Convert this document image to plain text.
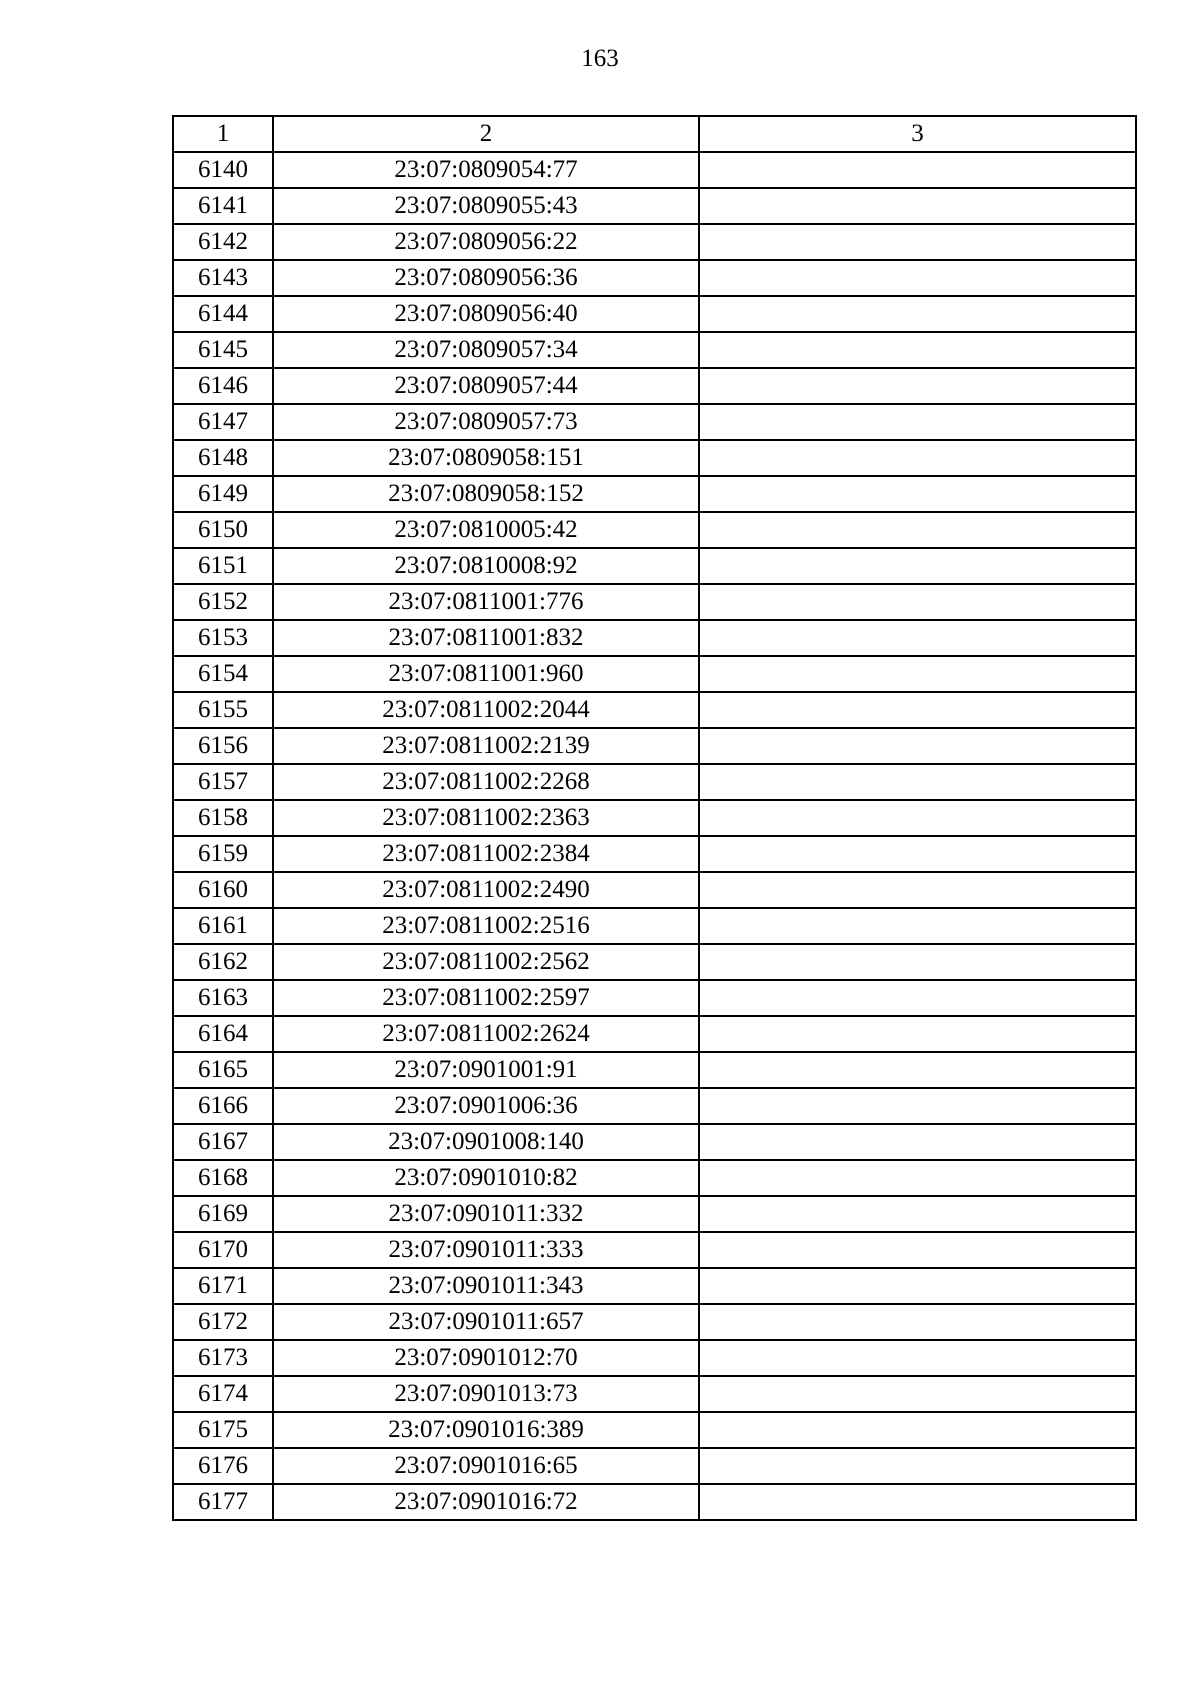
163
1	2	3
6140	23:07:0809054:77	
6141	23:07:0809055:43	
6142	23:07:0809056:22	
6143	23:07:0809056:36	
6144	23:07:0809056:40	
6145	23:07:0809057:34	
6146	23:07:0809057:44	
6147	23:07:0809057:73	
6148	23:07:0809058:151	
6149	23:07:0809058:152	
6150	23:07:0810005:42	
6151	23:07:0810008:92	
6152	23:07:0811001:776	
6153	23:07:0811001:832	
6154	23:07:0811001:960	
6155	23:07:0811002:2044	
6156	23:07:0811002:2139	
6157	23:07:0811002:2268	
6158	23:07:0811002:2363	
6159	23:07:0811002:2384	
6160	23:07:0811002:2490	
6161	23:07:0811002:2516	
6162	23:07:0811002:2562	
6163	23:07:0811002:2597	
6164	23:07:0811002:2624	
6165	23:07:0901001:91	
6166	23:07:0901006:36	
6167	23:07:0901008:140	
6168	23:07:0901010:82	
6169	23:07:0901011:332	
6170	23:07:0901011:333	
6171	23:07:0901011:343	
6172	23:07:0901011:657	
6173	23:07:0901012:70	
6174	23:07:0901013:73	
6175	23:07:0901016:389	
6176	23:07:0901016:65	
6177	23:07:0901016:72	
